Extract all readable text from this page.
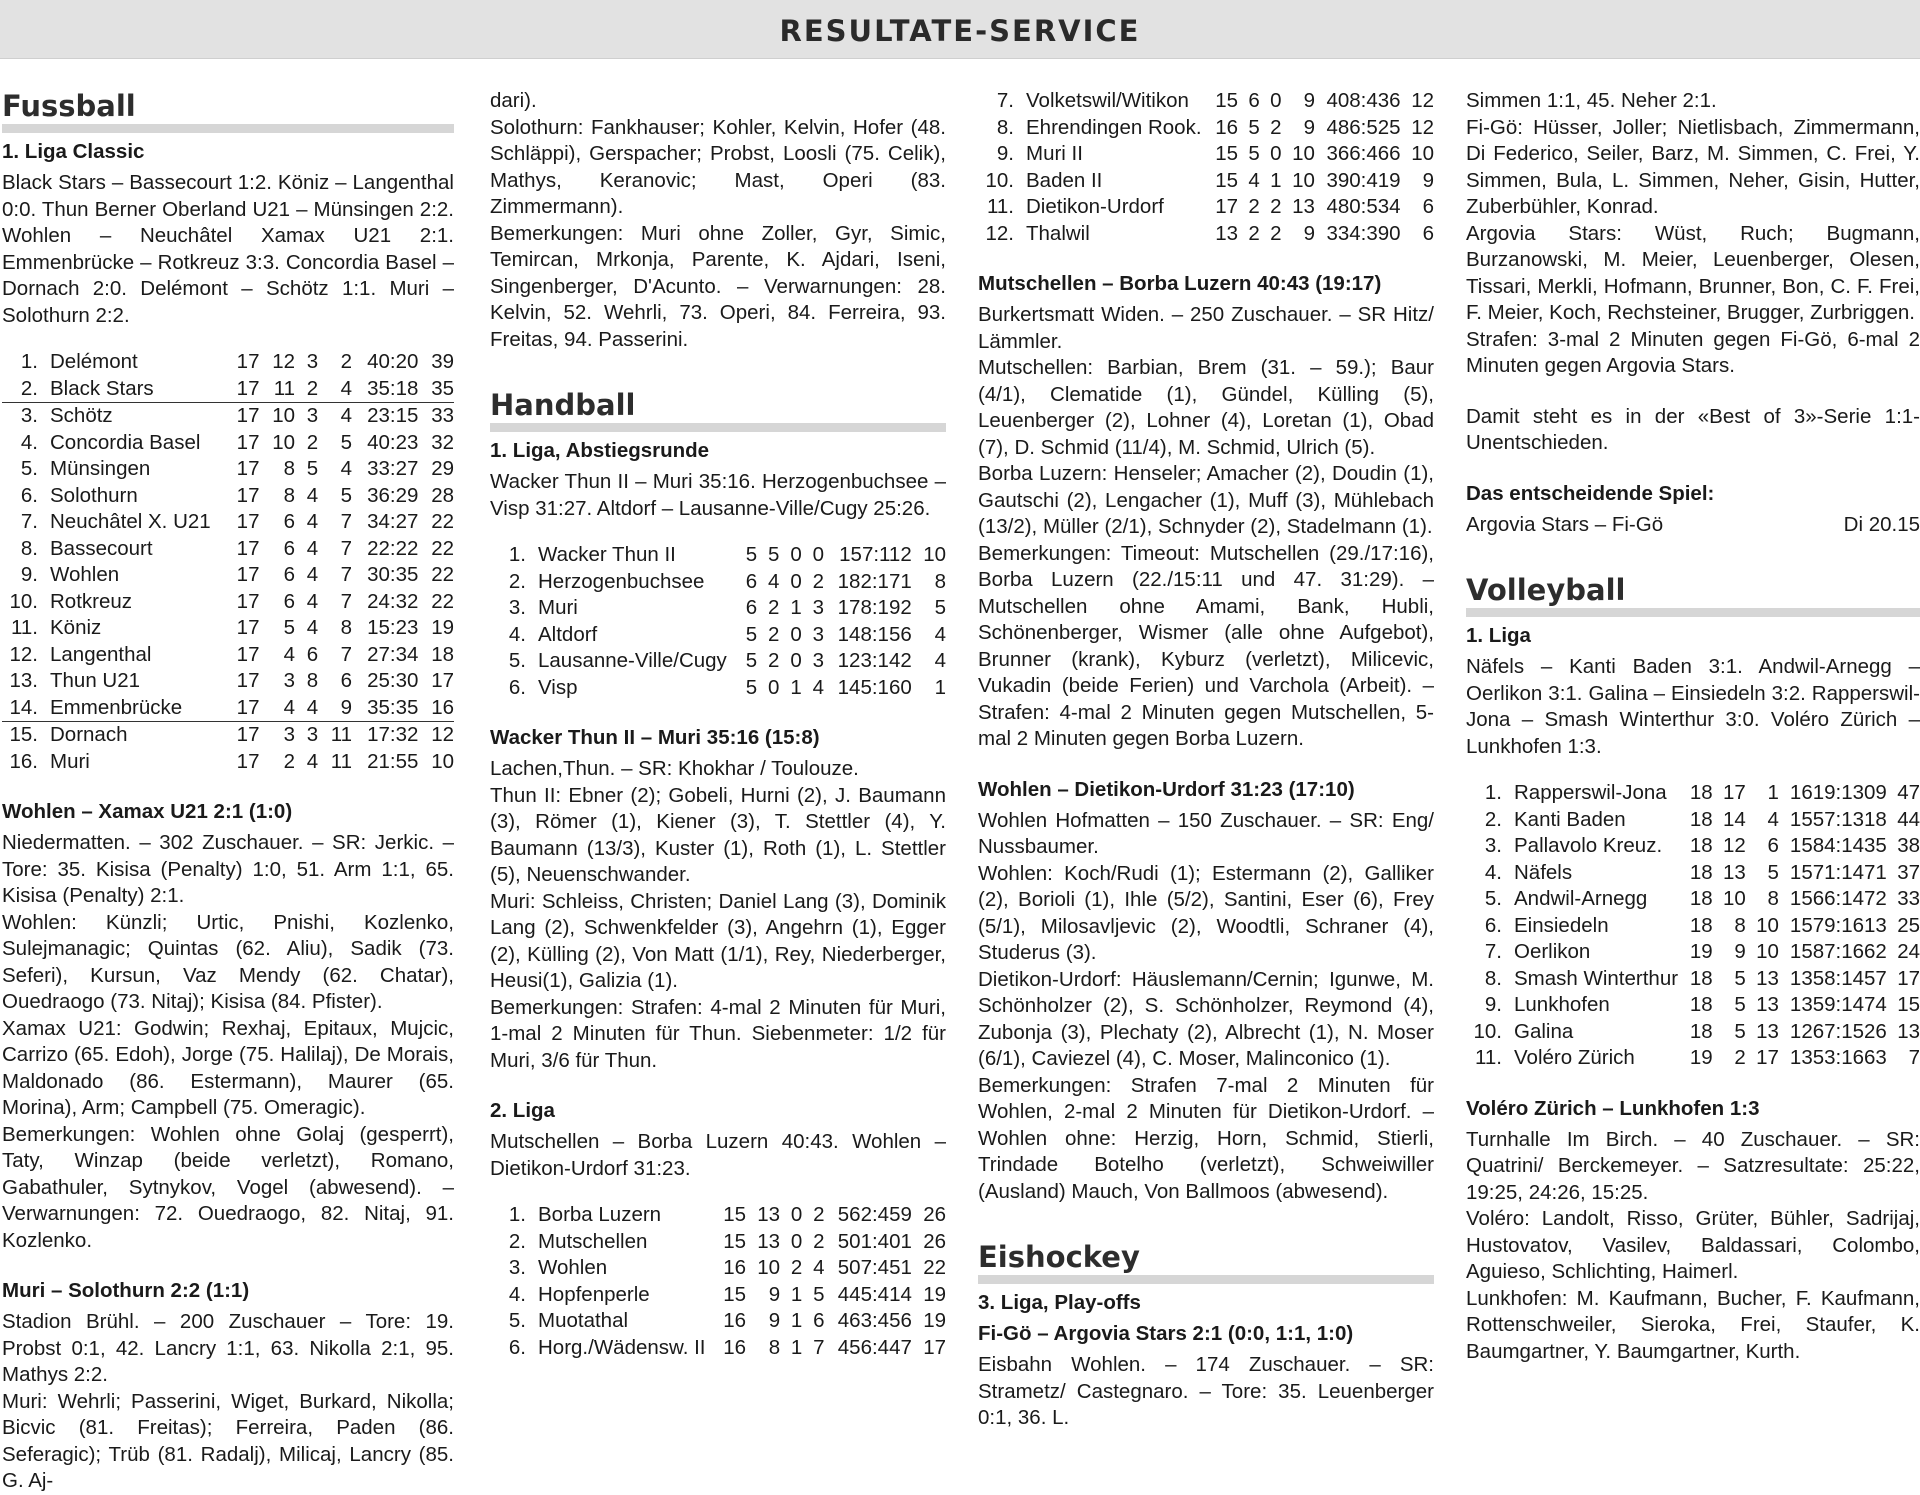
RESULTATE-SERVICE
Fussball
1. Liga Classic

Black Stars – Bassecourt 1:2. Köniz – Langenthal 0:0. Thun Berner Oberland U21 – Münsingen 2:2. Wohlen – Neuchâtel Xamax U21 2:1. Emmenbrücke – Rotkreuz 3:3. Concordia Basel – Dornach 2:0. Delémont – Schötz 1:1. Muri – Solothurn 2:2.

1.	Delémont	17	12	3	2	40:20	39
2.	Black Stars	17	11	2	4	35:18	35
3.	Schötz	17	10	3	4	23:15	33
4.	Concordia Basel	17	10	2	5	40:23	32
5.	Münsingen	17	8	5	4	33:27	29
6.	Solothurn	17	8	4	5	36:29	28
7.	Neuchâtel X. U21	17	6	4	7	34:27	22
8.	Bassecourt	17	6	4	7	22:22	22
9.	Wohlen	17	6	4	7	30:35	22
10.	Rotkreuz	17	6	4	7	24:32	22
11.	Köniz	17	5	4	8	15:23	19
12.	Langenthal	17	4	6	7	27:34	18
13.	Thun U21	17	3	8	6	25:30	17
14.	Emmenbrücke	17	4	4	9	35:35	16
15.	Dornach	17	3	3	11	17:32	12
16.	Muri	17	2	4	11	21:55	10
Wohlen – Xamax U21 2:1 (1:0)

Niedermatten. – 302 Zuschauer. – SR: Jerkic. – Tore: 35. Kisisa (Penalty) 1:0, 51. Arm 1:1, 65. Kisisa (Penalty) 2:1.

Wohlen: Künzli; Urtic, Pnishi, Kozlenko, Sulejmanagic; Quintas (62. Aliu), Sadik (73. Seferi), Kursun, Vaz Mendy (62. Chatar), Ouedraogo (73. Nitaj); Kisisa (84. Pfister).

Xamax U21: Godwin; Rexhaj, Epitaux, Mujcic, Carrizo (65. Edoh), Jorge (75. Halilaj), De Morais, Maldonado (86. Estermann), Maurer (65. Morina), Arm; Campbell (75. Omeragic).

Bemerkungen: Wohlen ohne Golaj (gesperrt), Taty, Winzap (beide verletzt), Romano, Gabathuler, Sytnykov, Vogel (abwesend). – Verwarnungen: 72. Ouedraogo, 82. Nitaj, 91. Kozlenko.

Muri – Solothurn 2:2 (1:1)

Stadion Brühl. – 200 Zuschauer – Tore: 19. Probst 0:1, 42. Lancry 1:1, 63. Nikolla 2:1, 95. Mathys 2:2.

Muri: Wehrli; Passerini, Wiget, Burkard, Nikolla; Bicvic (81. Freitas); Ferreira, Paden (86. Seferagic); Trüb (81. Radalj), Milicaj, Lancry (85. G. Aj-

dari).

Solothurn: Fankhauser; Kohler, Kelvin, Hofer (48. Schläppi), Gerspacher; Probst, Loosli (75. Celik), Mathys, Keranovic; Mast, Operi (83. Zimmermann).

Bemerkungen: Muri ohne Zoller, Gyr, Simic, Temircan, Mrkonja, Parente, K. Ajdari, Iseni, Singenberger, D'Acunto. – Verwarnungen: 28. Kelvin, 52. Wehrli, 73. Operi, 84. Ferreira, 93. Freitas, 94. Passerini.

Handball
1. Liga, Abstiegsrunde

Wacker Thun II – Muri 35:16. Herzogenbuchsee – Visp 31:27. Altdorf – Lausanne-Ville/Cugy 25:26.

1.	Wacker Thun II	5	5	0	0	157:112	10
2.	Herzogenbuchsee	6	4	0	2	182:171	8
3.	Muri	6	2	1	3	178:192	5
4.	Altdorf	5	2	0	3	148:156	4
5.	Lausanne-Ville/Cugy	5	2	0	3	123:142	4
6.	Visp	5	0	1	4	145:160	1
Wacker Thun II – Muri 35:16 (15:8)

Lachen,Thun. – SR: Khokhar / Toulouze.

Thun II: Ebner (2); Gobeli, Hurni (2), J. Baumann (3), Römer (1), Kiener (3), T. Stettler (4), Y. Baumann (13/3), Kuster (1), Roth (1), L. Stettler (5), Neuenschwander.

Muri: Schleiss, Christen; Daniel Lang (3), Dominik Lang (2), Schwenkfelder (3), Angehrn (1), Egger (2), Külling (2), Von Matt (1/1), Rey, Niederberger, Heusi(1), Galizia (1).

Bemerkungen: Strafen: 4-mal 2 Minuten für Muri, 1-mal 2 Minuten für Thun. Siebenmeter: 1/2 für Muri, 3/6 für Thun.

2. Liga

Mutschellen – Borba Luzern 40:43. Wohlen – Dietikon-Urdorf 31:23.

1.	Borba Luzern	15	13	0	2	562:459	26
2.	Mutschellen	15	13	0	2	501:401	26
3.	Wohlen	16	10	2	4	507:451	22
4.	Hopfenperle	15	9	1	5	445:414	19
5.	Muotathal	16	9	1	6	463:456	19
6.	Horg./Wädensw. II	16	8	1	7	456:447	17
7.	Volketswil/Witikon	15	6	0	9	408:436	12
8.	Ehrendingen Rook.	16	5	2	9	486:525	12
9.	Muri II	15	5	0	10	366:466	10
10.	Baden II	15	4	1	10	390:419	9
11.	Dietikon-Urdorf	17	2	2	13	480:534	6
12.	Thalwil	13	2	2	9	334:390	6
Mutschellen – Borba Luzern 40:43 (19:17)

Burkertsmatt Widen. – 250 Zuschauer. – SR Hitz/ Lämmler.

Mutschellen: Barbian, Brem (31. – 59.); Baur (4/1), Clematide (1), Gündel, Külling (5), Leuenberger (2), Lohner (4), Loretan (1), Obad (7), D. Schmid (11/4), M. Schmid, Ulrich (5).

Borba Luzern: Henseler; Amacher (2), Doudin (1), Gautschi (2), Lengacher (1), Muff (3), Mühlebach (13/2), Müller (2/1), Schnyder (2), Stadelmann (1).

Bemerkungen: Timeout: Mutschellen (29./17:16), Borba Luzern (22./15:11 und 47. 31:29). – Mutschellen ohne Amami, Bank, Hubli, Schönenberger, Wismer (alle ohne Aufgebot), Brunner (krank), Kyburz (verletzt), Milicevic, Vukadin (beide Ferien) und Varchola (Arbeit). – Strafen: 4-mal 2 Minuten gegen Mutschellen, 5-mal 2 Minuten gegen Borba Luzern.

Wohlen – Dietikon-Urdorf 31:23 (17:10)

Wohlen Hofmatten – 150 Zuschauer. – SR: Eng/ Nussbaumer.

Wohlen: Koch/Rudi (1); Estermann (2), Galliker (2), Borioli (1), Ihle (5/2), Santini, Eser (6), Frey (5/1), Milosavljevic (2), Woodtli, Schraner (4), Studerus (3).

Dietikon-Urdorf: Häuslemann/Cernin; Igunwe, M. Schönholzer (2), S. Schönholzer, Reymond (4), Zubonja (3), Plechaty (2), Albrecht (1), N. Moser (6/1), Caviezel (4), C. Moser, Malinconico (1).

Bemerkungen: Strafen 7-mal 2 Minuten für Wohlen, 2-mal 2 Minuten für Dietikon-Urdorf. – Wohlen ohne: Herzig, Horn, Schmid, Stierli, Trindade Botelho (verletzt), Schweiwiller (Ausland) Mauch, Von Ballmoos (abwesend).

Eishockey
3. Liga, Play-offs
Fi-Gö – Argovia Stars 2:1 (0:0, 1:1, 1:0)

Eisbahn Wohlen. – 174 Zuschauer. – SR: Strametz/ Castegnaro. – Tore: 35. Leuenberger 0:1, 36. L.

Simmen 1:1, 45. Neher 2:1.

Fi-Gö: Hüsser, Joller; Nietlisbach, Zimmermann, Di Federico, Seiler, Barz, M. Simmen, C. Frei, Y. Simmen, Bula, L. Simmen, Neher, Gisin, Hutter, Zuberbühler, Konrad.

Argovia Stars: Wüst, Ruch; Bugmann, Burzanowski, M. Meier, Leuenberger, Olesen, Tissari, Merkli, Hofmann, Brunner, Bon, C. F. Frei, F. Meier, Koch, Rechsteiner, Brugger, Zurbriggen.

Strafen: 3-mal 2 Minuten gegen Fi-Gö, 6-mal 2 Minuten gegen Argovia Stars.

Damit steht es in der «Best of 3»-Serie 1:1-Unentschieden.

Das entscheidende Spiel:
Argovia Stars – Fi-Gö	Di 20.15
Volleyball
1. Liga

Näfels – Kanti Baden 3:1. Andwil-Arnegg – Oerlikon 3:1. Galina – Einsiedeln 3:2. Rapperswil-Jona – Smash Winterthur 3:0. Voléro Zürich – Lunkhofen 1:3.

1.	Rapperswil-Jona	18	17	1	1619:1309	47
2.	Kanti Baden	18	14	4	1557:1318	44
3.	Pallavolo Kreuz.	18	12	6	1584:1435	38
4.	Näfels	18	13	5	1571:1471	37
5.	Andwil-Arnegg	18	10	8	1566:1472	33
6.	Einsiedeln	18	8	10	1579:1613	25
7.	Oerlikon	19	9	10	1587:1662	24
8.	Smash Winterthur	18	5	13	1358:1457	17
9.	Lunkhofen	18	5	13	1359:1474	15
10.	Galina	18	5	13	1267:1526	13
11.	Voléro Zürich	19	2	17	1353:1663	7
Voléro Zürich – Lunkhofen 1:3

Turnhalle Im Birch. – 40 Zuschauer. – SR: Quatrini/ Berckemeyer. – Satzresultate: 25:22, 19:25, 24:26, 15:25.

Voléro: Landolt, Risso, Grüter, Bühler, Sadrijaj, Hustovatov, Vasilev, Baldassari, Colombo, Aguieso, Schlichting, Haimerl.

Lunkhofen: M. Kaufmann, Bucher, F. Kaufmann, Rottenschweiler, Sieroka, Frei, Staufer, K. Baumgartner, Y. Baumgartner, Kurth.
